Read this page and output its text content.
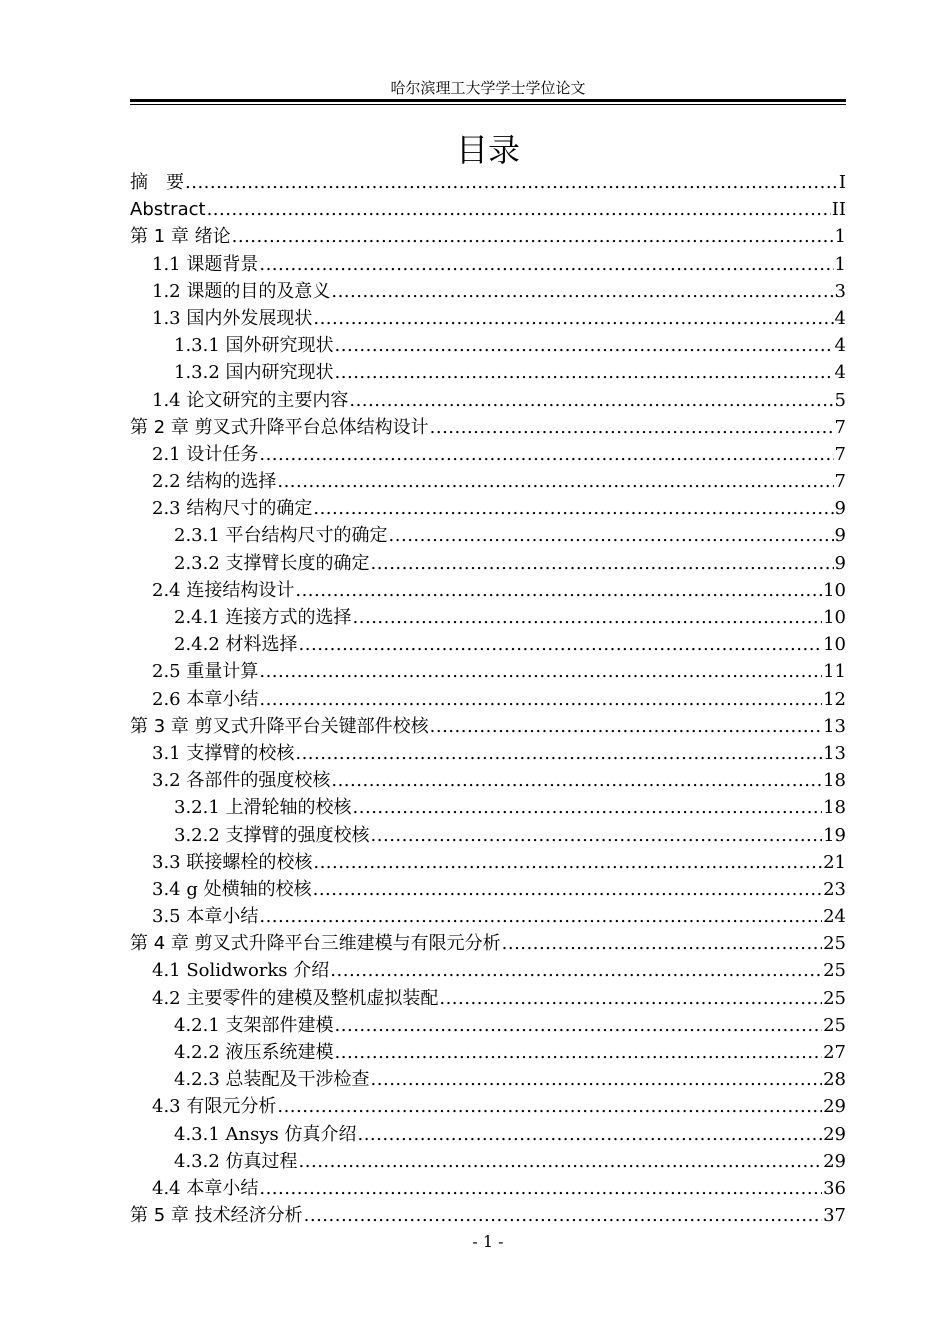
哈尔滨理工大学学士学位论文
目录
摘　要 .....	I
Abstract .....	II
第 1 章 绪论 .....	1
1.1 课题背景 .....	1
1.2 课题的目的及意义 .....	3
1.3 国内外发展现状 .....	4
1.3.1 国外研究现状 .....	4
1.3.2 国内研究现状 .....	4
1.4 论文研究的主要内容 .....	5
第 2 章 剪叉式升降平台总体结构设计 .....	7
2.1 设计任务 .....	7
2.2 结构的选择 .....	7
2.3 结构尺寸的确定 .....	9
2.3.1 平台结构尺寸的确定 .....	9
2.3.2 支撑臂长度的确定 .....	9
2.4 连接结构设计 .....	10
2.4.1 连接方式的选择 .....	10
2.4.2 材料选择 .....	10
2.5 重量计算 .....	11
2.6 本章小结 .....	12
第 3 章 剪叉式升降平台关键部件校核 .....	13
3.1 支撑臂的校核 .....	13
3.2 各部件的强度校核 .....	18
3.2.1 上滑轮轴的校核 .....	18
3.2.2 支撑臂的强度校核 .....	19
3.3 联接螺栓的校核 .....	21
3.4 g 处横轴的校核 .....	23
3.5 本章小结 .....	24
第 4 章 剪叉式升降平台三维建模与有限元分析 .....	25
4.1 Solidworks 介绍 .....	25
4.2 主要零件的建模及整机虚拟装配 .....	25
4.2.1 支架部件建模 .....	25
4.2.2 液压系统建模 .....	27
4.2.3 总装配及干涉检查 .....	28
4.3 有限元分析 .....	29
4.3.1 Ansys 仿真介绍 .....	29
4.3.2 仿真过程 .....	29
4.4 本章小结 .....	36
第 5 章 技术经济分析 .....	37
- 1 -
